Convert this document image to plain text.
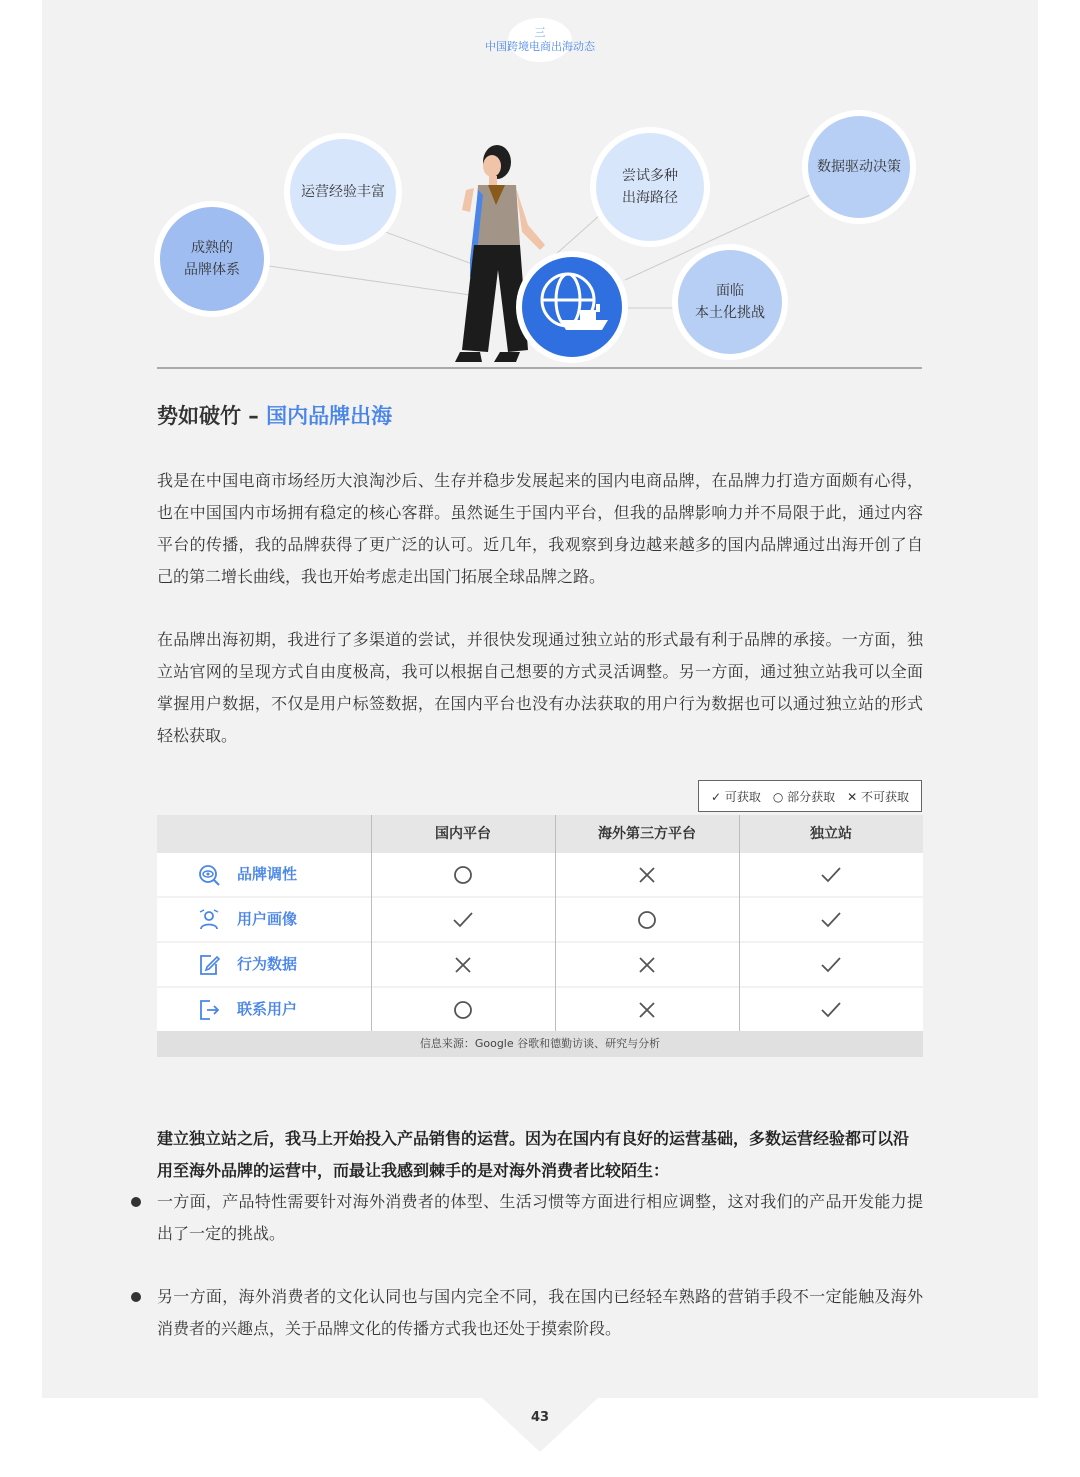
三
中国跨境电商出海动态
成熟的
品牌体系
运营经验丰富
尝试多种
出海路径
数据驱动决策
面临
本土化挑战
势如破竹 – 国内品牌出海
我是在中国电商市场经历大浪淘沙后、生存并稳步发展起来的国内电商品牌，在品牌力打造方面颇有心得，也在中国国内市场拥有稳定的核心客群。虽然诞生于国内平台，但我的品牌影响力并不局限于此，通过内容平台的传播，我的品牌获得了更广泛的认可。近几年，我观察到身边越来越多的国内品牌通过出海开创了自己的第二增长曲线，我也开始考虑走出国门拓展全球品牌之路。
在品牌出海初期，我进行了多渠道的尝试，并很快发现通过独立站的形式最有利于品牌的承接。一方面，独立站官网的呈现方式自由度极高，我可以根据自己想要的方式灵活调整。另一方面，通过独立站我可以全面掌握用户数据，不仅是用户标签数据，在国内平台也没有办法获取的用户行为数据也可以通过独立站的形式轻松获取。
✓ 可获取 ○ 部分获取 ✕ 不可获取
国内平台	海外第三方平台	独立站
品牌调性
用户画像
行为数据
联系用户
信息来源：Google 谷歌和德勤访谈、研究与分析
建立独立站之后，我马上开始投入产品销售的运营。因为在国内有良好的运营基础，多数运营经验都可以沿用至海外品牌的运营中，而最让我感到棘手的是对海外消费者比较陌生：
一方面，产品特性需要针对海外消费者的体型、生活习惯等方面进行相应调整，这对我们的产品开发能力提出了一定的挑战。
另一方面，海外消费者的文化认同也与国内完全不同，我在国内已经轻车熟路的营销手段不一定能触及海外消费者的兴趣点，关于品牌文化的传播方式我也还处于摸索阶段。
43
